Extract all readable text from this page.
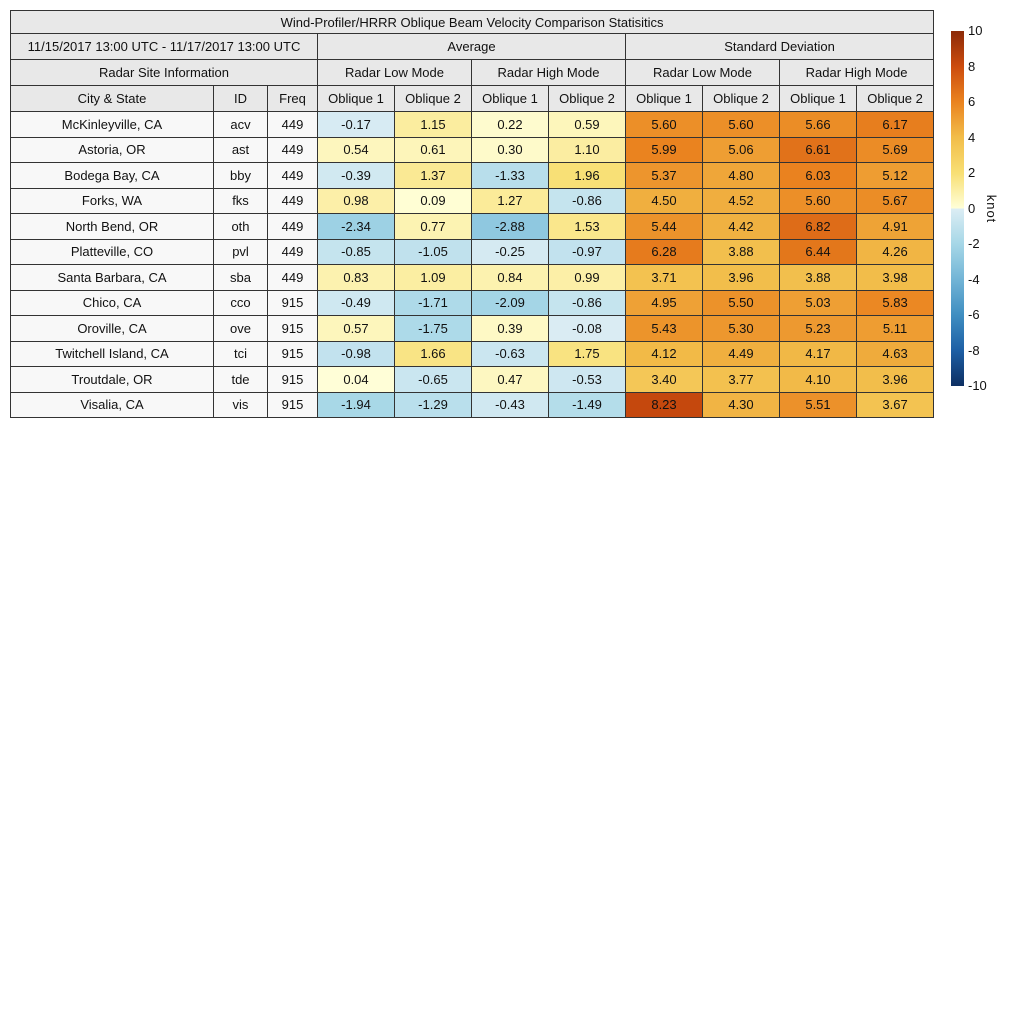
Wind-Profiler/HRRR Oblique Beam Velocity Comparison Statisitics										
11/15/2017 13:00 UTC - 11/17/2017 13:00 UTC			Average				Standard Deviation			
Radar Site Information			Radar Low Mode		Radar High Mode		Radar Low Mode		Radar High Mode	
City & State	ID	Freq	Oblique 1	Oblique 2	Oblique 1	Oblique 2	Oblique 1	Oblique 2	Oblique 1	Oblique 2
McKinleyville, CA	acv	449	-0.17	1.15	0.22	0.59	5.60	5.60	5.66	6.17
Astoria, OR	ast	449	0.54	0.61	0.30	1.10	5.99	5.06	6.61	5.69
Bodega Bay, CA	bby	449	-0.39	1.37	-1.33	1.96	5.37	4.80	6.03	5.12
Forks, WA	fks	449	0.98	0.09	1.27	-0.86	4.50	4.52	5.60	5.67
North Bend, OR	oth	449	-2.34	0.77	-2.88	1.53	5.44	4.42	6.82	4.91
Platteville, CO	pvl	449	-0.85	-1.05	-0.25	-0.97	6.28	3.88	6.44	4.26
Santa Barbara, CA	sba	449	0.83	1.09	0.84	0.99	3.71	3.96	3.88	3.98
Chico, CA	cco	915	-0.49	-1.71	-2.09	-0.86	4.95	5.50	5.03	5.83
Oroville, CA	ove	915	0.57	-1.75	0.39	-0.08	5.43	5.30	5.23	5.11
Twitchell Island, CA	tci	915	-0.98	1.66	-0.63	1.75	4.12	4.49	4.17	4.63
Troutdale, OR	tde	915	0.04	-0.65	0.47	-0.53	3.40	3.77	4.10	3.96
Visalia, CA	vis	915	-1.94	-1.29	-0.43	-1.49	8.23	4.30	5.51	3.67
10
8
6
4
2
0
-2
-4
-6
-8
-10
knot
